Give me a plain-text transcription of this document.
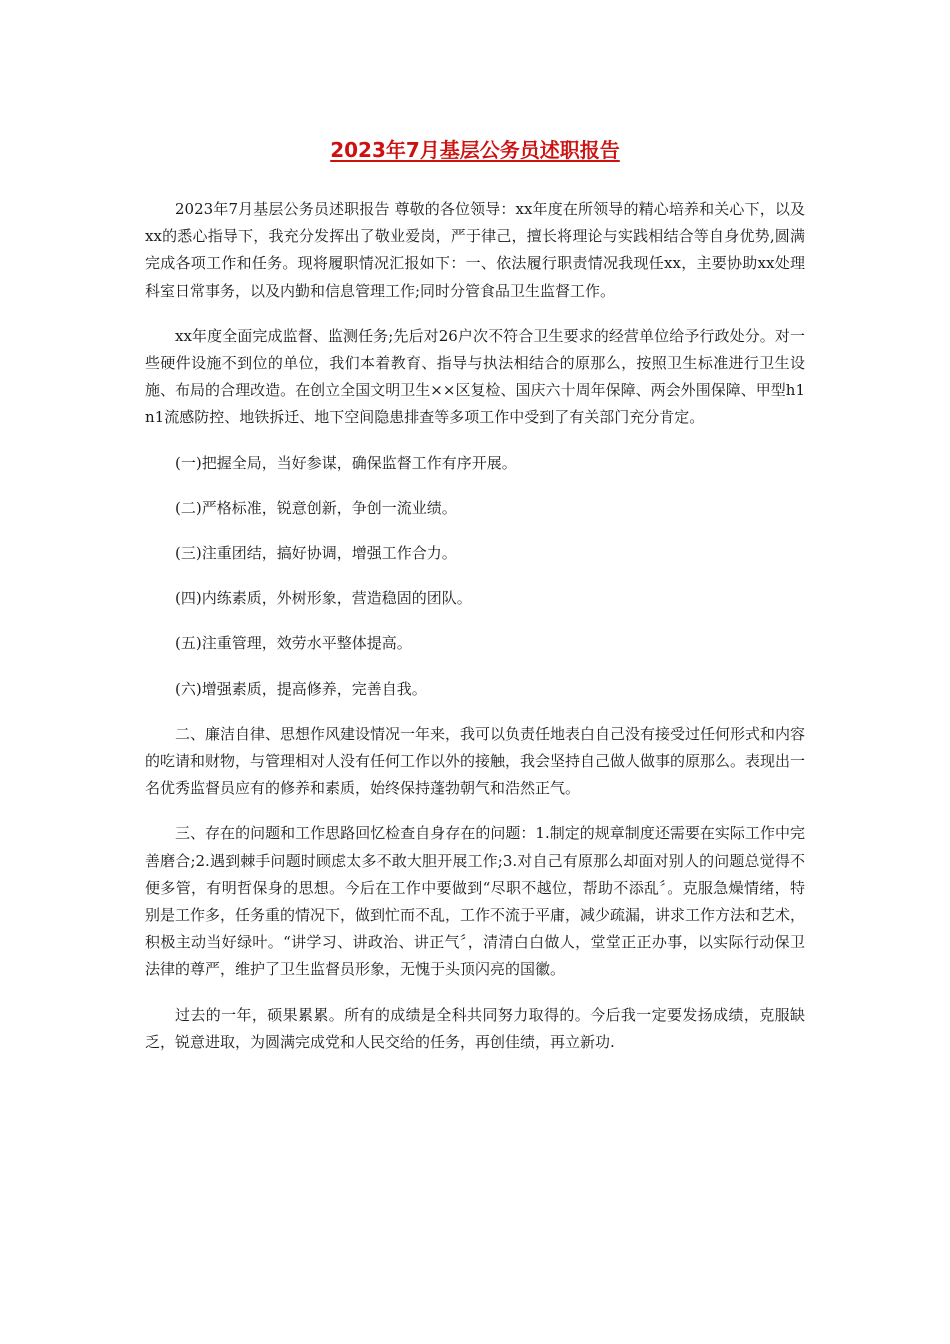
2023年7月基层公务员述职报告

2023年7月基层公务员述职报告 尊敬的各位领导：xx年度在所领导的精心培养和关心下，以及xx的悉心指导下，我充分发挥出了敬业爱岗，严于律己，擅长将理论与实践相结合等自身优势,圆满完成各项工作和任务。现将履职情况汇报如下：一、依法履行职责情况我现任xx，主要协助xx处理科室日常事务，以及内勤和信息管理工作;同时分管食品卫生监督工作。

xx年度全面完成监督、监测任务;先后对26户次不符合卫生要求的经营单位给予行政处分。对一些硬件设施不到位的单位，我们本着教育、指导与执法相结合的原那么，按照卫生标准进行卫生设施、布局的合理改造。在创立全国文明卫生××区复检、国庆六十周年保障、两会外围保障、甲型h1n1流感防控、地铁拆迁、地下空间隐患排查等多项工作中受到了有关部门充分肯定。

(一)把握全局，当好参谋，确保监督工作有序开展。

(二)严格标准，锐意创新，争创一流业绩。

(三)注重团结，搞好协调，增强工作合力。

(四)内练素质，外树形象，营造稳固的团队。

(五)注重管理，效劳水平整体提高。

(六)增强素质，提高修养，完善自我。

二、廉洁自律、思想作风建设情况一年来，我可以负责任地表白自己没有接受过任何形式和内容的吃请和财物，与管理相对人没有任何工作以外的接触，我会坚持自己做人做事的原那么。表现出一名优秀监督员应有的修养和素质，始终保持蓬勃朝气和浩然正气。

三、存在的问题和工作思路回忆检查自身存在的问题：1.制定的规章制度还需要在实际工作中完善磨合;2.遇到棘手问题时顾虑太多不敢大胆开展工作;3.对自己有原那么却面对别人的问题总觉得不便多管，有明哲保身的思想。今后在工作中要做到“尽职不越位，帮助不添乱〞。克服急燥情绪，特别是工作多，任务重的情况下，做到忙而不乱，工作不流于平庸，减少疏漏，讲求工作方法和艺术，积极主动当好绿叶。“讲学习、讲政治、讲正气〞，清清白白做人，堂堂正正办事，以实际行动保卫法律的尊严，维护了卫生监督员形象，无愧于头顶闪亮的国徽。

过去的一年，硕果累累。所有的成绩是全科共同努力取得的。今后我一定要发扬成绩，克服缺乏，锐意进取，为圆满完成党和人民交给的任务，再创佳绩，再立新功.
